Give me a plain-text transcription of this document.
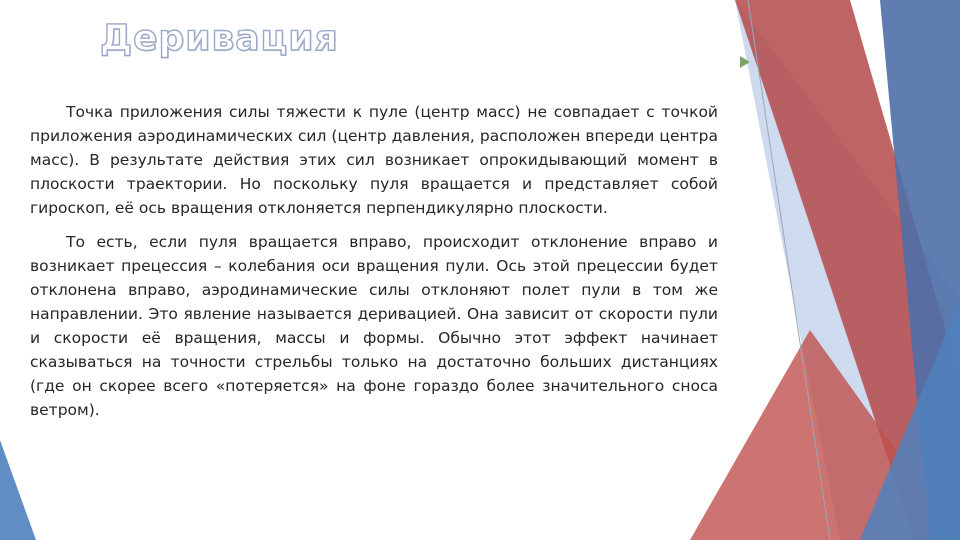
Деривация

Точка приложения силы тяжести к пуле (центр масс) не совпадает с точкой приложения аэродинамических сил (центр давления, расположен впереди центра масс). В результате действия этих сил возникает опрокидывающий момент в плоскости траектории. Но поскольку пуля вращается и представляет собой гироскоп, её ось вращения отклоняется перпендикулярно плоскости.

То есть, если пуля вращается вправо, происходит отклонение вправо и возникает прецессия – колебания оси вращения пули. Ось этой прецессии будет отклонена вправо, аэродинамические силы отклоняют полет пули в том же направлении. Это явление называется деривацией. Она зависит от скорости пули и скорости её вращения, массы и формы. Обычно этот эффект начинает сказываться на точности стрельбы только на достаточно больших дистанциях (где он скорее всего «потеряется» на фоне гораздо более значительного сноса ветром).
